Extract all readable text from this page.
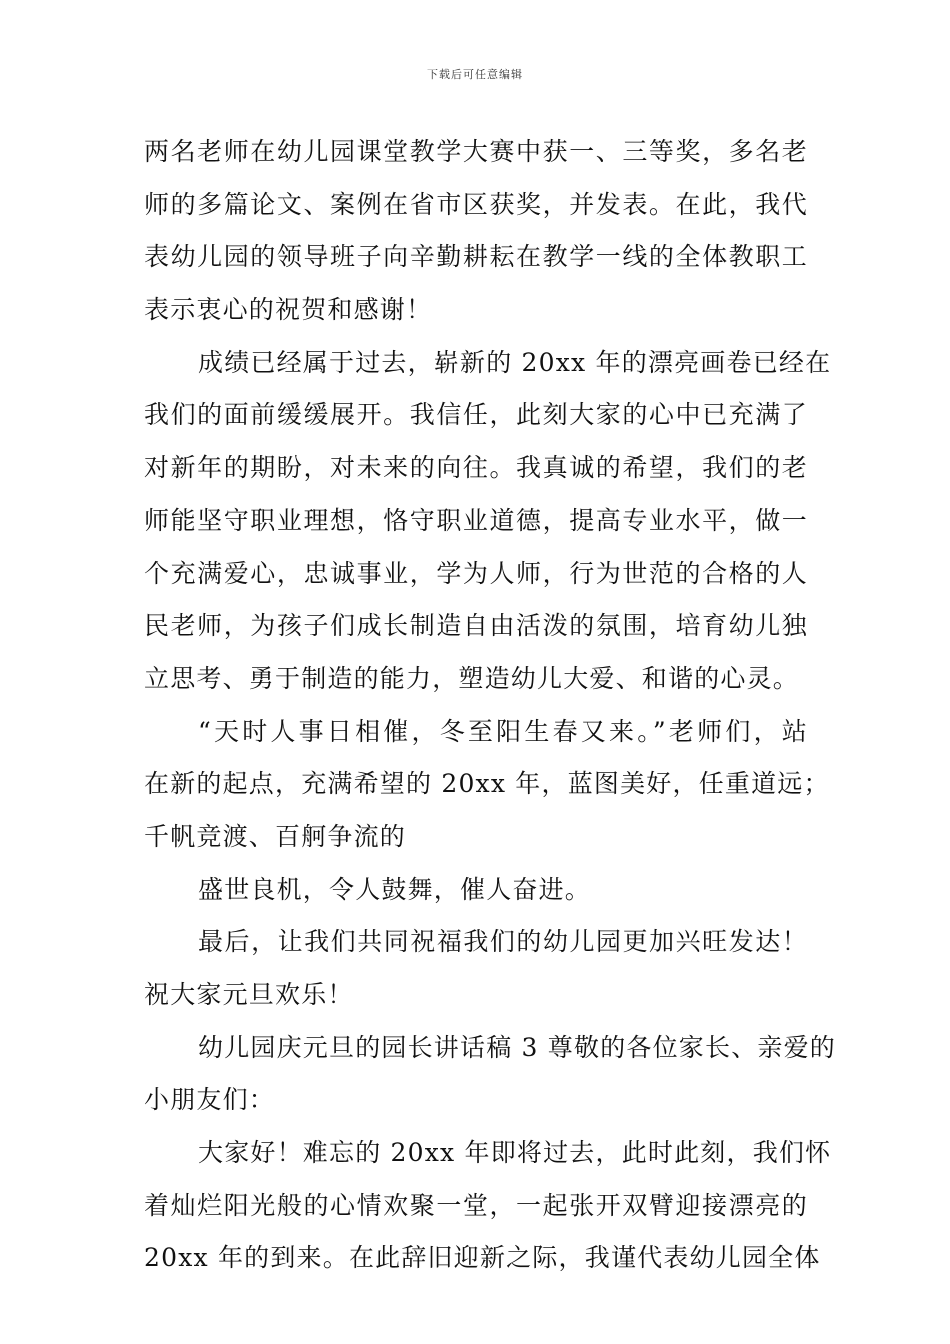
下载后可任意编辑
两名老师在幼儿园课堂教学大赛中获一、三等奖，多名老
师的多篇论文、案例在省市区获奖，并发表。在此，我代
表幼儿园的领导班子向辛勤耕耘在教学一线的全体教职工
表示衷心的祝贺和感谢！
成绩已经属于过去，崭新的 20xx 年的漂亮画卷已经在
我们的面前缓缓展开。我信任，此刻大家的心中已充满了
对新年的期盼，对未来的向往。我真诚的希望，我们的老
师能坚守职业理想，恪守职业道德，提高专业水平，做一
个充满爱心，忠诚事业，学为人师，行为世范的合格的人
民老师，为孩子们成长制造自由活泼的氛围，培育幼儿独
立思考、勇于制造的能力，塑造幼儿大爱、和谐的心灵。
“天时人事日相催，冬至阳生春又来。”老师们，站
在新的起点，充满希望的 20xx 年，蓝图美好，任重道远；
千帆竞渡、百舸争流的
盛世良机，令人鼓舞，催人奋进。
最后，让我们共同祝福我们的幼儿园更加兴旺发达！
祝大家元旦欢乐！
幼儿园庆元旦的园长讲话稿 3 尊敬的各位家长、亲爱的
小朋友们：
大家好！难忘的 20xx 年即将过去，此时此刻，我们怀
着灿烂阳光般的心情欢聚一堂，一起张开双臂迎接漂亮的
20xx 年的到来。在此辞旧迎新之际，我谨代表幼儿园全体
